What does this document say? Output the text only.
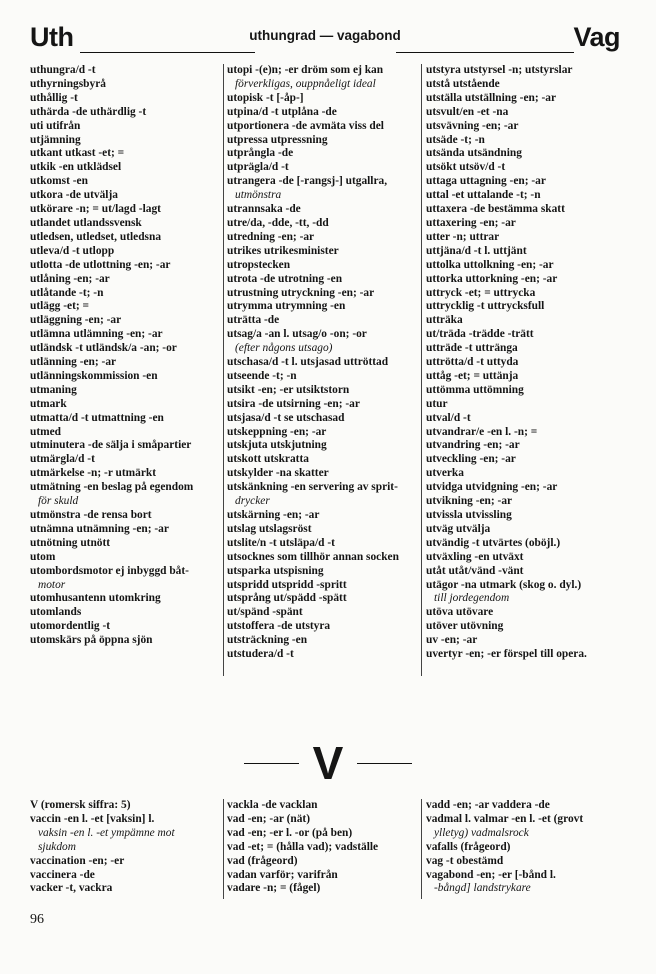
Uth	uthungrad — vagabond	Vag
uthungra/d -t
uthyrningsbyrå
uthållig -t
uthärda -de uthärdlig -t
uti utifrån
utjämning
utkant utkast -et; =
utkik -en utklädsel
utkomst -en
utkora -de utvälja
utkörare -n; = ut/lagd -lagt
utlandet utlandssvensk
utledsen, utledset, utledsna
utleva/d -t utlopp
utlotta -de utlottning -en; -ar
utlåning -en; -ar
utlåtande -t; -n
utlägg -et; =
utläggning -en; -ar
utlämna utlämning -en; -ar
utländsk -t utländsk/a -an; -or
utlänning -en; -ar
utlänningskommission -en
utmaning
utmark
utmatta/d -t utmattning -en
utmed
utminutera -de sälja i småpartier
utmärgla/d -t
utmärkelse -n; -r utmärkt
utmätning -en beslag på egendom
för skuld
utmönstra -de rensa bort
utnämna utnämning -en; -ar
utnötning utnött
utom
utombordsmotor ej inbyggd båt-
motor
utomhusantenn utomkring
utomlands
utomordentlig -t
utomskärs på öppna sjön
utopi -(e)n; -er dröm som ej kan
förverkligas, ouppnåeligt ideal
utopisk -t [-åp-]
utpina/d -t utplåna -de
utportionera -de avmäta viss del
utpressa utpressning
utprångla -de
utprägla/d -t
utrangera -de [-rangsj-] utgallra,
utmönstra
utrannsaka -de
utre/da, -dde, -tt, -dd
utredning -en; -ar
utrikes utrikesminister
utropstecken
utrota -de utrotning -en
utrustning utryckning -en; -ar
utrymma utrymning -en
uträtta -de
utsag/a -an l. utsag/o -on; -or
(efter någons utsago)
utschasa/d -t l. utsjasad uttröttad
utseende -t; -n
utsikt -en; -er utsiktstorn
utsira -de utsirning -en; -ar
utsjasa/d -t se utschasad
utskeppning -en; -ar
utskjuta utskjutning
utskott utskratta
utskylder -na skatter
utskänkning -en servering av sprit-
drycker
utskärning -en; -ar
utslag utslagsröst
utslite/n -t utsläpa/d -t
utsocknes som tillhör annan socken
utsparka utspisning
utspridd utspridd -spritt
utsprång ut/spädd -spätt
ut/spänd -spänt
utstoffera -de utstyra
utsträckning -en
utstudera/d -t
utstyra utstyrsel -n; utstyrslar
utstå utstående
utställa utställning -en; -ar
utsvult/en -et -na
utsvävning -en; -ar
utsäde -t; -n
utsända utsändning
utsökt utsöv/d -t
uttaga uttagning -en; -ar
uttal -et uttalande -t; -n
uttaxera -de bestämma skatt
uttaxering -en; -ar
utter -n; uttrar
uttjäna/d -t l. uttjänt
uttolka uttolkning -en; -ar
uttorka uttorkning -en; -ar
uttryck -et; = uttrycka
uttrycklig -t uttrycksfull
utträka
ut/träda -trädde -trätt
utträde -t utträngа
uttrötta/d -t uttyda
uttåg -et; = uttänja
uttömma uttömning
utur
utval/d -t
utvandrar/e -en l. -n; =
utvandring -en; -ar
utveckling -en; -ar
utverka
utvidga utvidgning -en; -ar
utvikning -en; -ar
utvissla utvissling
utväg utvälja
utvändig -t utvärtes (oböjl.)
utväxling -en utväxt
utåt utåt/vänd -vänt
utägor -na utmark (skog o. dyl.)
till jordegendom
utöva utövare
utöver utövning
uv -en; -ar
uvertyr -en; -er förspel till opera.
V
V (romersk siffra: 5)
vaccin -en l. -et [vaksin] l.
vaksin -en l. -et ympämne mot
sjukdom
vaccination -en; -er
vaccinera -de
vacker -t, vackra
vackla -de vacklan
vad -en; -ar (nät)
vad -en; -er l. -or (på ben)
vad -et; = (hålla vad); vadställe
vad (frågeord)
vadan varför; varifrån
vadare -n; = (fågel)
vadd -en; -ar vaddera -de
vadmal l. valmar -en l. -et (grovt
ylletyg) vadmalsrock
vafalls (frågeord)
vag -t obestämd
vagabond -en; -er [-bånd l.
-bångd] landstrykare
96
